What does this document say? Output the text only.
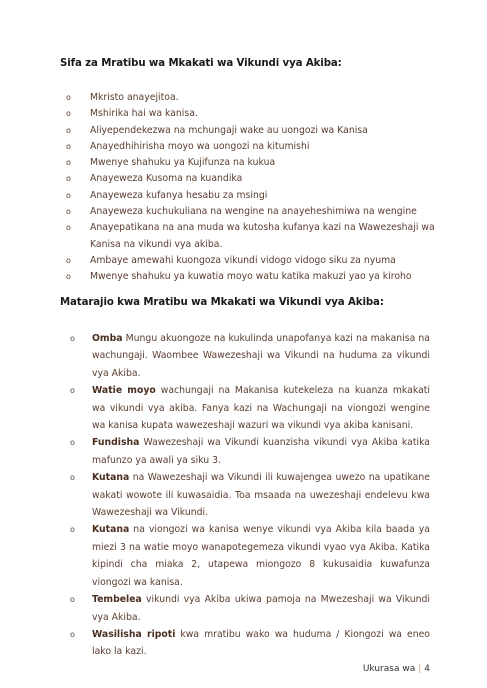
Sifa za Mratibu wa Mkakati wa Vikundi vya Akiba:
o Mkristo anayejitoa.
o Mshirika hai wa kanisa.
o Aliyependekezwa na mchungaji wake au uongozi wa Kanisa
o Anayedhihirisha moyo wa uongozi na kitumishi
o Mwenye shahuku ya Kujifunza na kukua
o Anayeweza Kusoma na kuandika
o Anayeweza kufanya hesabu za msingi
o Anayeweza kuchukuliana na wengine na anayeheshimiwa na wengine
o Anayepatikana na ana muda wa kutosha kufanya kazi na Wawezeshaji wa Kanisa na vikundi vya akiba.
o Ambaye amewahi kuongoza vikundi vidogo vidogo siku za nyuma
o Mwenye shahuku ya kuwatia moyo watu katika makuzi yao ya kiroho
Matarajio kwa Mratibu wa Mkakati wa Vikundi vya Akiba:
o Omba Mungu akuongoze na kukulinda unapofanya kazi na makanisa na wachungaji. Waombee Wawezeshaji wa Vikundi na huduma za vikundi vya Akiba.
o Watie moyo wachungaji na Makanisa kutekeleza na kuanza mkakati wa vikundi vya akiba. Fanya kazi na Wachungaji na viongozi wengine wa kanisa kupata wawezeshaji wazuri wa vikundi vya akiba kanisani.
o Fundisha Wawezeshaji wa Vikundi kuanzisha vikundi vya Akiba katika mafunzo ya awali ya siku 3.
o Kutana na Wawezeshaji wa Vikundi ili kuwajengea uwezo na upatikane wakati wowote ili kuwasaidia. Toa msaada na uwezeshaji endelevu kwa Wawezeshaji wa Vikundi.
o Kutana na viongozi wa kanisa wenye vikundi vya Akiba kila baada ya miezi 3 na watie moyo wanapotegemeza vikundi vyao vya Akiba. Katika kipindi cha miaka 2, utapewa miongozo 8 kukusaidia kuwafunza viongozi wa kanisa.
o Tembelea vikundi vya Akiba ukiwa pamoja na Mwezeshaji wa Vikundi vya Akiba.
o Wasilisha ripoti kwa mratibu wako wa huduma / Kiongozi wa eneo lako la kazi.
Ukurasa wa | 4
